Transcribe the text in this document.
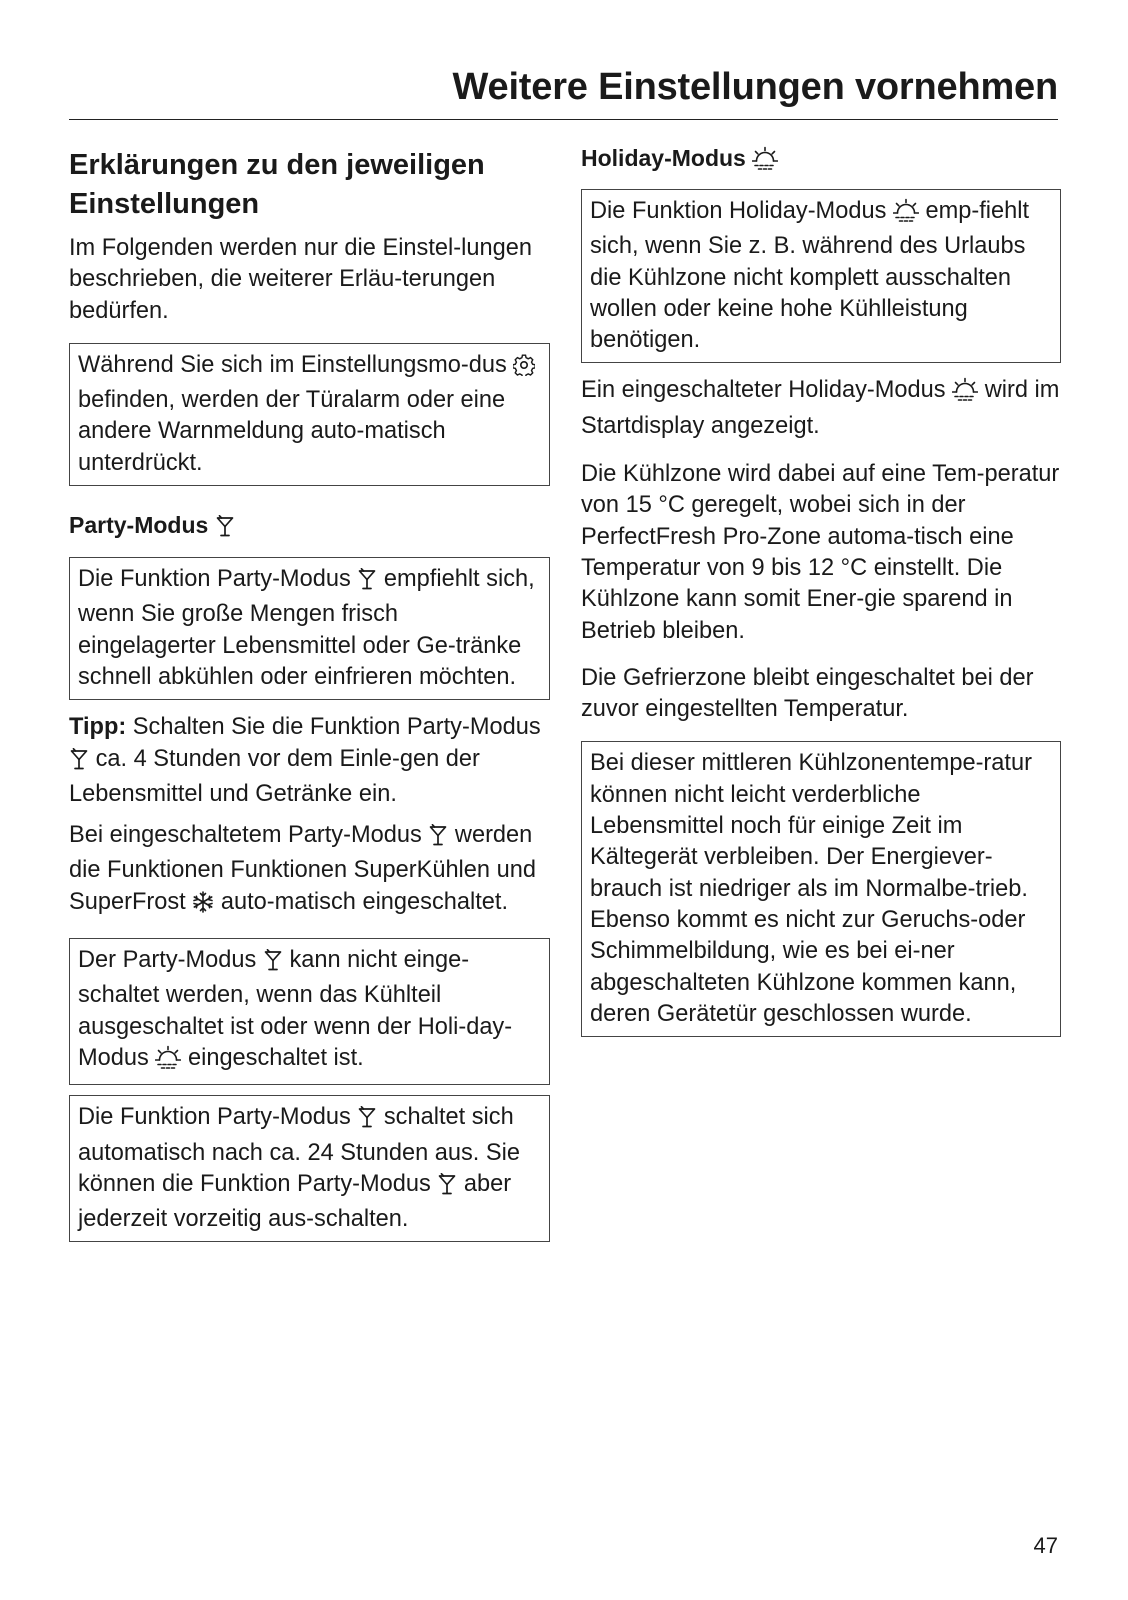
Weitere Einstellungen vornehmen
Erklärungen zu den jeweiligen Einstellungen

Im Folgenden werden nur die Einstel-lungen beschrieben, die weiterer Erläu-terungen bedürfen.

Während Sie sich im Einstellungsmo-dus  befinden, werden der Türalarm oder eine andere Warnmeldung auto-matisch unterdrückt.
Party-Modus
Die Funktion Party-Modus empfiehlt sich, wenn Sie große Mengen frisch eingelagerter Lebensmittel oder Ge-tränke schnell abkühlen oder einfrieren möchten.

Tipp: Schalten Sie die Funktion Party-Modus  ca. 4 Stunden vor dem Einle-gen der Lebensmittel und Getränke ein.

Bei eingeschaltetem Party-Modus werden die Funktionen Funktionen SuperKühlen und SuperFrost auto-matisch eingeschaltet.

Der Party-Modus kann nicht einge-schaltet werden, wenn das Kühlteil ausgeschaltet ist oder wenn der Holi-day-Modus eingeschaltet ist.
Die Funktion Party-Modus schaltet sich automatisch nach ca. 24 Stunden aus. Sie können die Funktion Party-Modus aber jederzeit vorzeitig aus-schalten.
Holiday-Modus
Die Funktion Holiday-Modus emp-fiehlt sich, wenn Sie z. B. während des Urlaubs die Kühlzone nicht komplett ausschalten wollen oder keine hohe Kühlleistung benötigen.

Ein eingeschalteter Holiday-Modus wird im Startdisplay angezeigt.

Die Kühlzone wird dabei auf eine Tem-peratur von 15 °C geregelt, wobei sich in der PerfectFresh Pro-Zone automa-tisch eine Temperatur von 9 bis 12 °C einstellt. Die Kühlzone kann somit Ener-gie sparend in Betrieb bleiben.

Die Gefrierzone bleibt eingeschaltet bei der zuvor eingestellten Temperatur.

Bei dieser mittleren Kühlzonentempe-ratur können nicht leicht verderbliche Lebensmittel noch für einige Zeit im Kältegerät verbleiben. Der Energiever-brauch ist niedriger als im Normalbe-trieb.
Ebenso kommt es nicht zur Geruchs-oder Schimmelbildung, wie es bei ei-ner abgeschalteten Kühlzone kommen kann, deren Gerätetür geschlossen wurde.

47
